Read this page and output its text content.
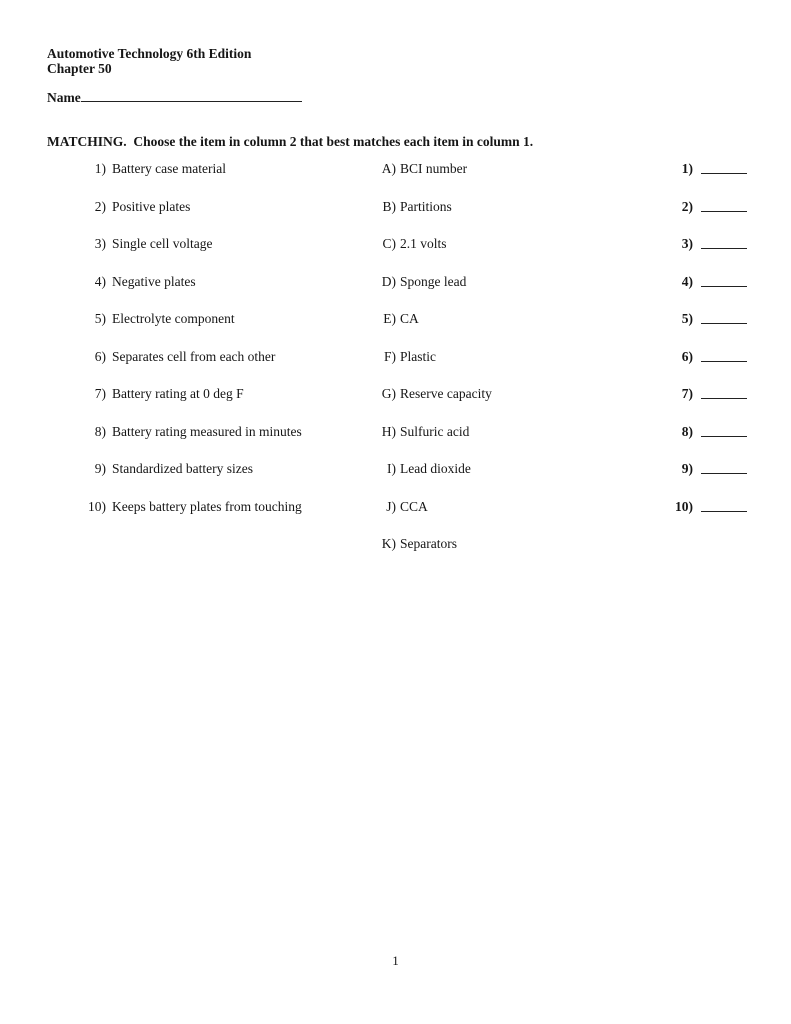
Automotive Technology 6th Edition
Chapter 50
Name
MATCHING.  Choose the item in column 2 that best matches each item in column 1.
1) Battery case material	A) BCI number	1)
2) Positive plates	B) Partitions	2)
3) Single cell voltage	C) 2.1 volts	3)
4) Negative plates	D) Sponge lead	4)
5) Electrolyte component	E) CA	5)
6) Separates cell from each other	F) Plastic	6)
7) Battery rating at 0 deg F	G) Reserve capacity	7)
8) Battery rating measured in minutes	H) Sulfuric acid	8)
9) Standardized battery sizes	I) Lead dioxide	9)
10) Keeps battery plates from touching	J) CCA	10)
K) Separators
1
